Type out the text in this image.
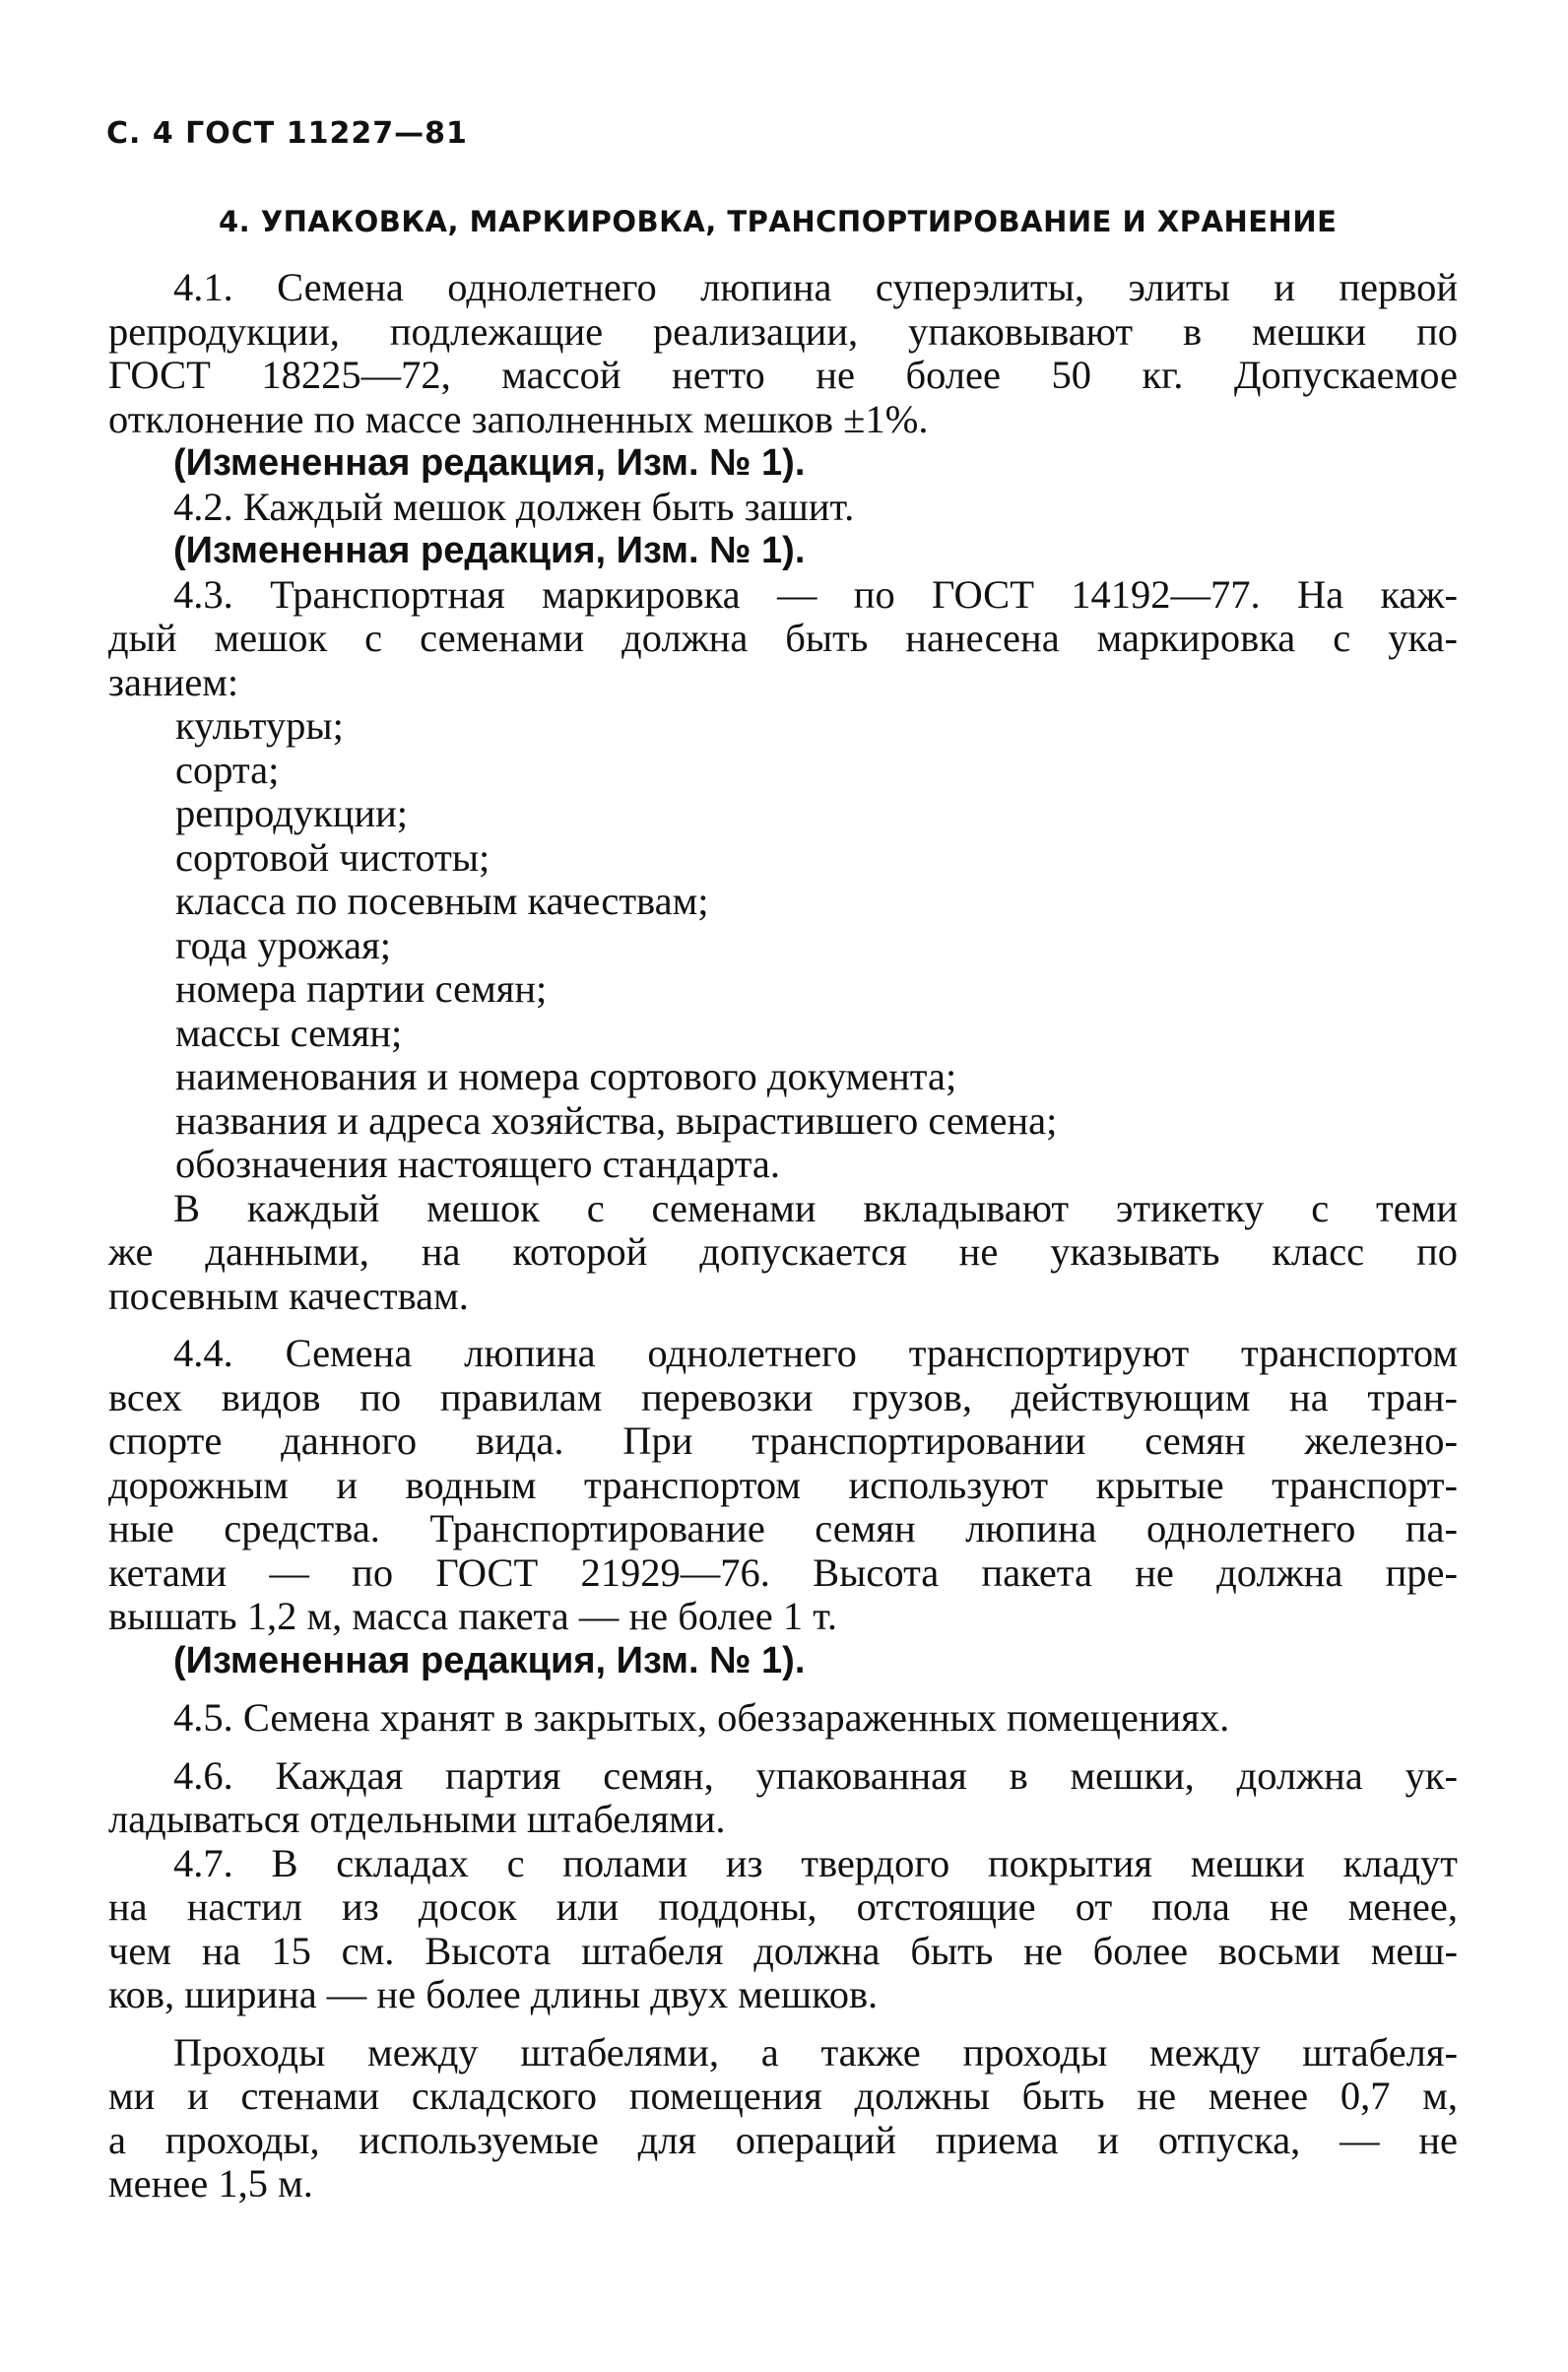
С. 4 ГОСТ 11227—81
4. УПАКОВКА, МАРКИРОВКА, ТРАНСПОРТИРОВАНИЕ И ХРАНЕНИЕ
4.1. Семена однолетнего люпина суперэлиты, элиты и первой
репродукции, подлежащие реализации, упаковывают в мешки по
ГОСТ 18225—72, массой нетто не более 50 кг. Допускаемое
отклонение по массе заполненных мешков ±1%.
(Измененная редакция, Изм. № 1).
4.2. Каждый мешок должен быть зашит.
(Измененная редакция, Изм. № 1).
4.3. Транспортная маркировка — по ГОСТ 14192—77. На каж-
дый мешок с семенами должна быть нанесена маркировка с ука-
занием:
культуры;
сорта;
репродукции;
сортовой чистоты;
класса по посевным качествам;
года урожая;
номера партии семян;
массы семян;
наименования и номера сортового документа;
названия и адреса хозяйства, вырастившего семена;
обозначения настоящего стандарта.
В каждый мешок с семенами вкладывают этикетку с теми
же данными, на которой допускается не указывать класс по
посевным качествам.
4.4. Семена люпина однолетнего транспортируют транспортом
всех видов по правилам перевозки грузов, действующим на тран-
спорте данного вида. При транспортировании семян железно-
дорожным и водным транспортом используют крытые транспорт-
ные средства. Транспортирование семян люпина однолетнего па-
кетами — по ГОСТ 21929—76. Высота пакета не должна пре-
вышать 1,2 м, масса пакета — не более 1 т.
(Измененная редакция, Изм. № 1).
4.5. Семена хранят в закрытых, обеззараженных помещениях.
4.6. Каждая партия семян, упакованная в мешки, должна ук-
ладываться отдельными штабелями.
4.7. В складах с полами из твердого покрытия мешки кладут
на настил из досок или поддоны, отстоящие от пола не менее,
чем на 15 см. Высота штабеля должна быть не более восьми меш-
ков, ширина — не более длины двух мешков.
Проходы между штабелями, а также проходы между штабеля-
ми и стенами складского помещения должны быть не менее 0,7 м,
а проходы, используемые для операций приема и отпуска, — не
менее 1,5 м.
